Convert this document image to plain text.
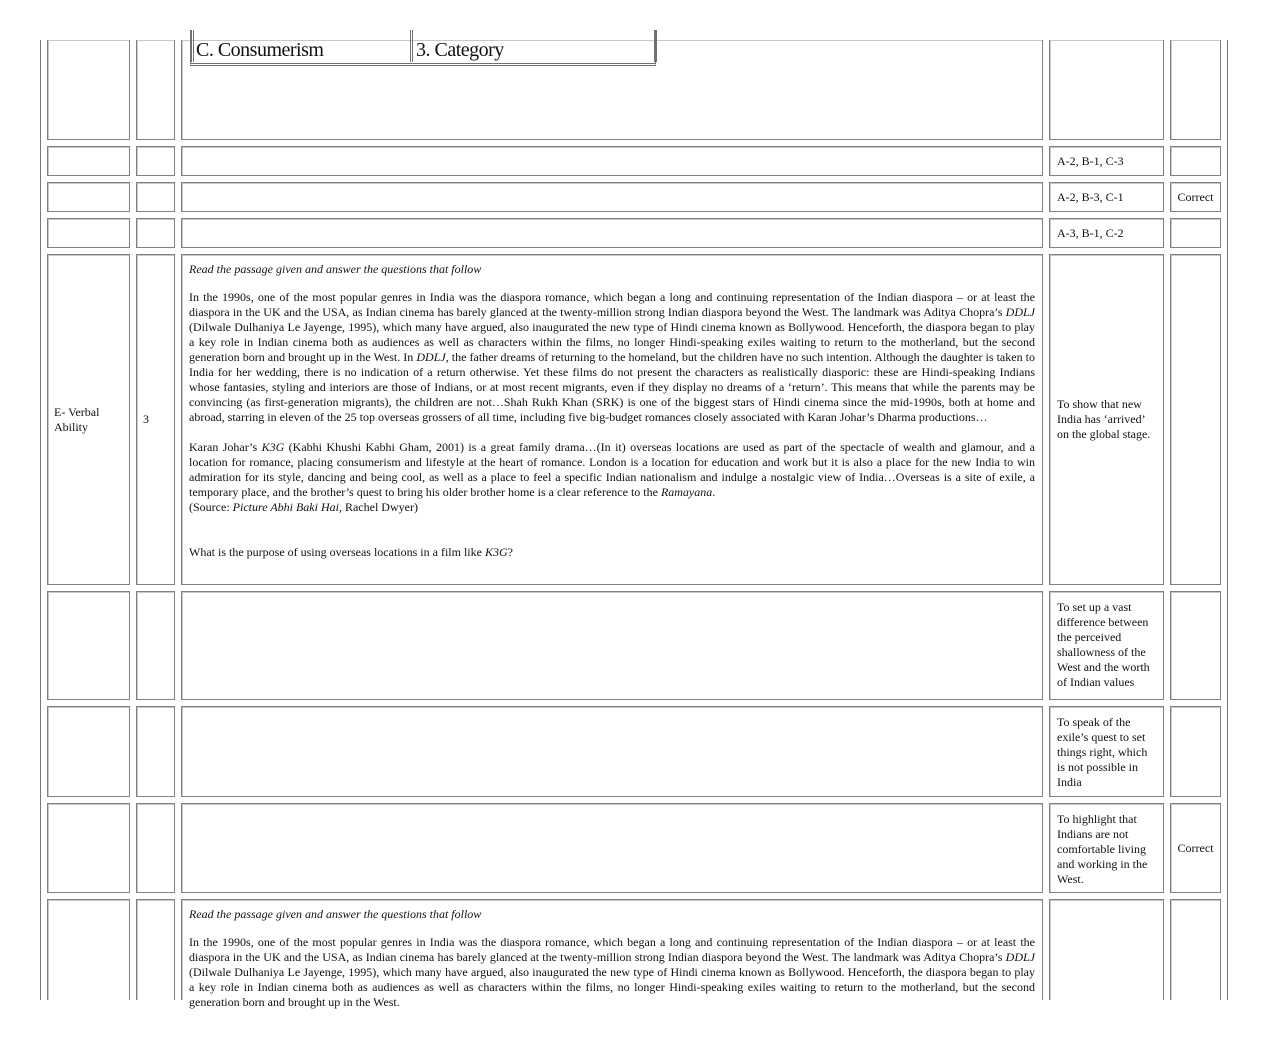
C. Consumerism	3. Category
A-2, B-1, C-3
A-2, B-3, C-1	Correct
A-3, B-1, C-2
E- Verbal Ability
3

Read the passage given and answer the questions that follow

In the 1990s, one of the most popular genres in India was the diaspora romance, which began a long and continuing representation of the Indian diaspora – or at least the diaspora in the UK and the USA, as Indian cinema has barely glanced at the twenty-million strong Indian diaspora beyond the West. The landmark was Aditya Chopra’s DDLJ (Dilwale Dulhaniya Le Jayenge, 1995), which many have argued, also inaugurated the new type of Hindi cinema known as Bollywood. Henceforth, the diaspora began to play a key role in Indian cinema both as audiences as well as characters within the films, no longer Hindi-speaking exiles waiting to return to the motherland, but the second generation born and brought up in the West. In DDLJ, the father dreams of returning to the homeland, but the children have no such intention. Although the daughter is taken to India for her wedding, there is no indication of a return otherwise. Yet these films do not present the characters as realistically diasporic: these are Hindi-speaking Indians whose fantasies, styling and interiors are those of Indians, or at most recent migrants, even if they display no dreams of a ‘return’. This means that while the parents may be convincing (as first-generation migrants), the children are not…Shah Rukh Khan (SRK) is one of the biggest stars of Hindi cinema since the mid-1990s, both at home and abroad, starring in eleven of the 25 top overseas grossers of all time, including five big-budget romances closely associated with Karan Johar’s Dharma productions…

Karan Johar’s K3G (Kabhi Khushi Kabhi Gham, 2001) is a great family drama…(In it) overseas locations are used as part of the spectacle of wealth and glamour, and a location for romance, placing consumerism and lifestyle at the heart of romance. London is a location for education and work but it is also a place for the new India to win admiration for its style, dancing and being cool, as well as a place to feel a specific Indian nationalism and indulge a nostalgic view of India…Overseas is a site of exile, a temporary place, and the brother’s quest to bring his older brother home is a clear reference to the Ramayana.

(Source: Picture Abhi Baki Hai, Rachel Dwyer)

What is the purpose of using overseas locations in a film like K3G?

To show that new India has ‘arrived’ on the global stage.
To set up a vast difference between the perceived shallowness of the West and the worth of Indian values
To speak of the exile’s quest to set things right, which is not possible in India
To highlight that Indians are not comfortable living and working in the West.
Correct

Read the passage given and answer the questions that follow

In the 1990s, one of the most popular genres in India was the diaspora romance, which began a long and continuing representation of the Indian diaspora – or at least the diaspora in the UK and the USA, as Indian cinema has barely glanced at the twenty-million strong Indian diaspora beyond the West. The landmark was Aditya Chopra’s DDLJ (Dilwale Dulhaniya Le Jayenge, 1995), which many have argued, also inaugurated the new type of Hindi cinema known as Bollywood. Henceforth, the diaspora began to play a key role in Indian cinema both as audiences as well as characters within the films, no longer Hindi-speaking exiles waiting to return to the motherland, but the second generation born and brought up in the West.
